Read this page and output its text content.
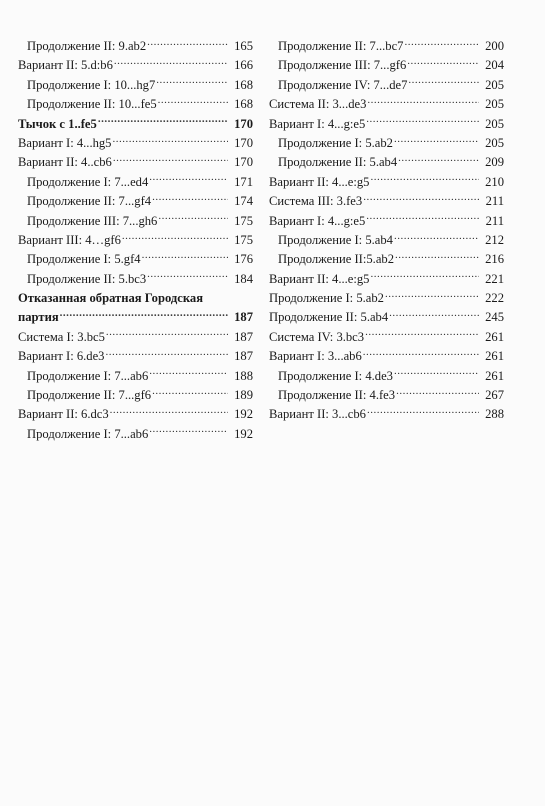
Продолжение II: 9.ab2 .....	165
Вариант II: 5.d:b6 .....	166
Продолжение I: 10...hg7 .....	168
Продолжение II: 10...fe5 .....	168
Тычок с 1..fe5 .....	170
Вариант I: 4...hg5 .....	170
Вариант II: 4..cb6 .....	170
Продолжение I: 7...ed4 .....	171
Продолжение II: 7...gf4 .....	174
Продолжение III: 7...gh6 .....	175
Вариант III: 4…gf6 .....	175
Продолжение I: 5.gf4 .....	176
Продолжение II: 5.bc3 .....	184
Отказанная обратная Городская
партия .....	187
Система I: 3.bc5 .....	187
Вариант I: 6.de3 .....	187
Продолжение I: 7...ab6 .....	188
Продолжение II: 7...gf6 .....	189
Вариант II: 6.dc3 .....	192
Продолжение I: 7...ab6 .....	192
Продолжение II: 7...bc7 .....	200
Продолжение III: 7...gf6 .....	204
Продолжение IV: 7...de7 .....	205
Система II: 3...de3 .....	205
Вариант I: 4...g:e5 .....	205
Продолжение I: 5.ab2 .....	205
Продолжение II: 5.ab4 .....	209
Вариант II: 4...e:g5 .....	210
Система III: 3.fe3 .....	211
Вариант I: 4...g:e5 .....	211
Продолжение I: 5.ab4 .....	212
Продолжение II:5.ab2 .....	216
Вариант II: 4...e:g5 .....	221
Продолжение I: 5.ab2 .....	222
Продолжение II: 5.ab4 .....	245
Система IV: 3.bc3 .....	261
Вариант I: 3...ab6 .....	261
Продолжение I: 4.de3 .....	261
Продолжение II: 4.fe3 .....	267
Вариант II: 3...cb6 .....	288
